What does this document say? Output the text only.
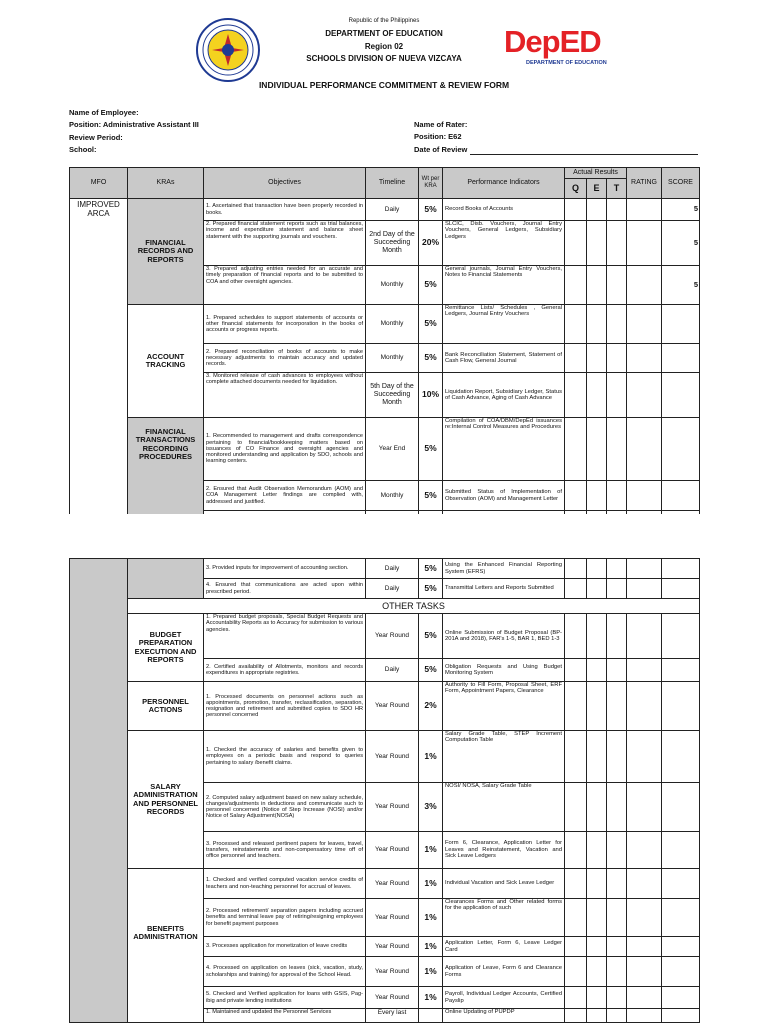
Republic of the Philippines
DEPARTMENT OF EDUCATION
Region 02
SCHOOLS DIVISION OF NUEVA VIZCAYA	DepED
DEPARTMENT OF EDUCATION
INDIVIDUAL PERFORMANCE COMMITMENT & REVIEW FORM
Name of Employee:
Position: Administrative Assistant III
Review Period:
School:
Name of Rater:
Position: E62
Date of Review
MFO	KRAs	Objectives	Timeline	Wt per KRA	Performance Indicators	Actual Results			RATING	SCORE
						Q	E	T		
IMPROVED ARCA	FINANCIAL RECORDS AND REPORTS	1. Ascertained that transaction have been properly recorded in books.	Daily	5%	Record Books of Accounts					5
		2. Prepared financial statement reports such as trial balances, income and expenditure statement and balance sheet statement with the supporting journals and vouchers.	2nd Day of the Succeeding Month	20%	SLCIC, Disb. Vouchers, Journal Entry Vouchers, General Ledgers, Subsidiary Ledgers					5
		3. Prepared adjusting entries needed for an accurate and timely preparation of financial reports and to be submitted to COA and other oversight agencies.	Monthly	5%	General journals, Journal Entry Vouchers, Notes to Financial Statements					5
	ACCOUNT TRACKING	1. Prepared schedules to support statements of accounts or other financial statements for incorporation in the books of accounts or progress reports.	Monthly	5%	Remittance Lists/ Schedules , General Ledgers, Journal Entry Vouchers					
		2. Prepared reconciliation of books of accounts to make necessary adjustments to maintain accuracy and updated records.	Monthly	5%	Bank Reconciliation Statement, Statement of Cash Flow, General Journal					
		3. Monitored release of cash advances to employees without complete attached documents needed for liquidation.	5th Day of the Succeeding Month	10%	Liquidation Report, Subsidiary Ledger, Status of Cash Advance, Aging of Cash Advance					
	FINANCIAL TRANSACTIONS RECORDING PROCEDURES	1. Recommended to management and drafts correspondence pertaining to financial/bookkeeping matters based on issuances of CO Finance and oversight agencies and monitored understanding and application by SDO, schools and learning centers.	Year End	5%	Compilation of COA/DBM/DepEd issuances re:Internal Control Measures and Procedures					
		2. Ensured that Audit Observation Memorandum (AOM) and COA Management Letter findings are complied with, addressed and justified.	Monthly	5%	Submitted Status of Implementation of Observation (AOM) and Management Letter					

		3. Provided inputs for improvement of accounting section.	Daily	5%	Using the Enhanced Financial Reporting System (EFRS)					
		4. Ensured that communications are acted upon within prescribed period.	Daily	5%	Transmittal Letters and Reports Submitted					
	OTHER TASKS									
	BUDGET PREPARATION EXECUTION AND REPORTS	1. Prepared budget proposals, Special Budget Requests and Accountability Reports as to Accuracy for submission to various agencies.	Year Round	5%	Online Submission of Budget Proposal (BP-201A and 2018), FAR's 1-5, BAR 1, BED 1-3					
		2. Certified availability of Allotments, monitors and records expenditures in appropriate registries.	Daily	5%	Obligation Requests and Using Budget Monitoring System					
	PERSONNEL ACTIONS	1. Processed documents on personnel actions such as appointments, promotion, transfer, reclassification, separation, resignation and retirement and submitted copies to SDO HR personnel concerned	Year Round	2%	Authority to Fill Form, Proposal Sheet, ERF Form, Appointment Papers, Clearance					
	SALARY ADMINISTRATION AND PERSONNEL RECORDS	1. Checked the accuracy of salaries and benefits given to employees on a periodic basis and respond to queries pertaining to salary /benefit claims.	Year Round	1%	Salary Grade Table, STEP Increment Computation Table					
		2. Computed salary adjustment based on new salary schedule, changes/adjustments in deductions and communicate such to personnel concerned (Notice of Step Increase (NOSI) and/or Notice of Salary Adjustment(NOSA)	Year Round	3%	NOSI/ NOSA, Salary Grade Table					
		3. Processed and released pertinent papers for leaves, travel, transfers, reinstatements and non-compensatory time off of office personnel and teachers.	Year Round	1%	Form 6, Clearance, Application Letter for Leaves and Reinstatement, Vacation and Sick Leave Ledgers					
	BENEFITS ADMINISTRATION	1. Checked and verified computed vacation service credits of teachers and non-teaching personnel for accrual of leaves.	Year Round	1%	Individual Vacation and Sick Leave Ledger					
		2. Processed retirement/ separation papers including accrued benefits and terminal leave pay of retiring/resigning employees for benefit payment purposes	Year Round	1%	Clearances Forms and Other related forms for the application of such					
		3. Processes application for monetization of leave credits	Year Round	1%	Application Letter, Form 6, Leave Ledger Card					
		4. Processed on application on leaves (sick, vacation, study, scholarships and training) for approval of the School Head.	Year Round	1%	Application of Leave, Form 6 and Clearance Forms					
		5. Checked and Verified application for loans with GSIS, Pag-ibig and private lending institutions	Year Round	1%	Payroll, Individual Ledger Accounts, Certified Payslip					
		1. Maintained and updated the Personnel Services	Every last		Online Updating of PUPDP					
